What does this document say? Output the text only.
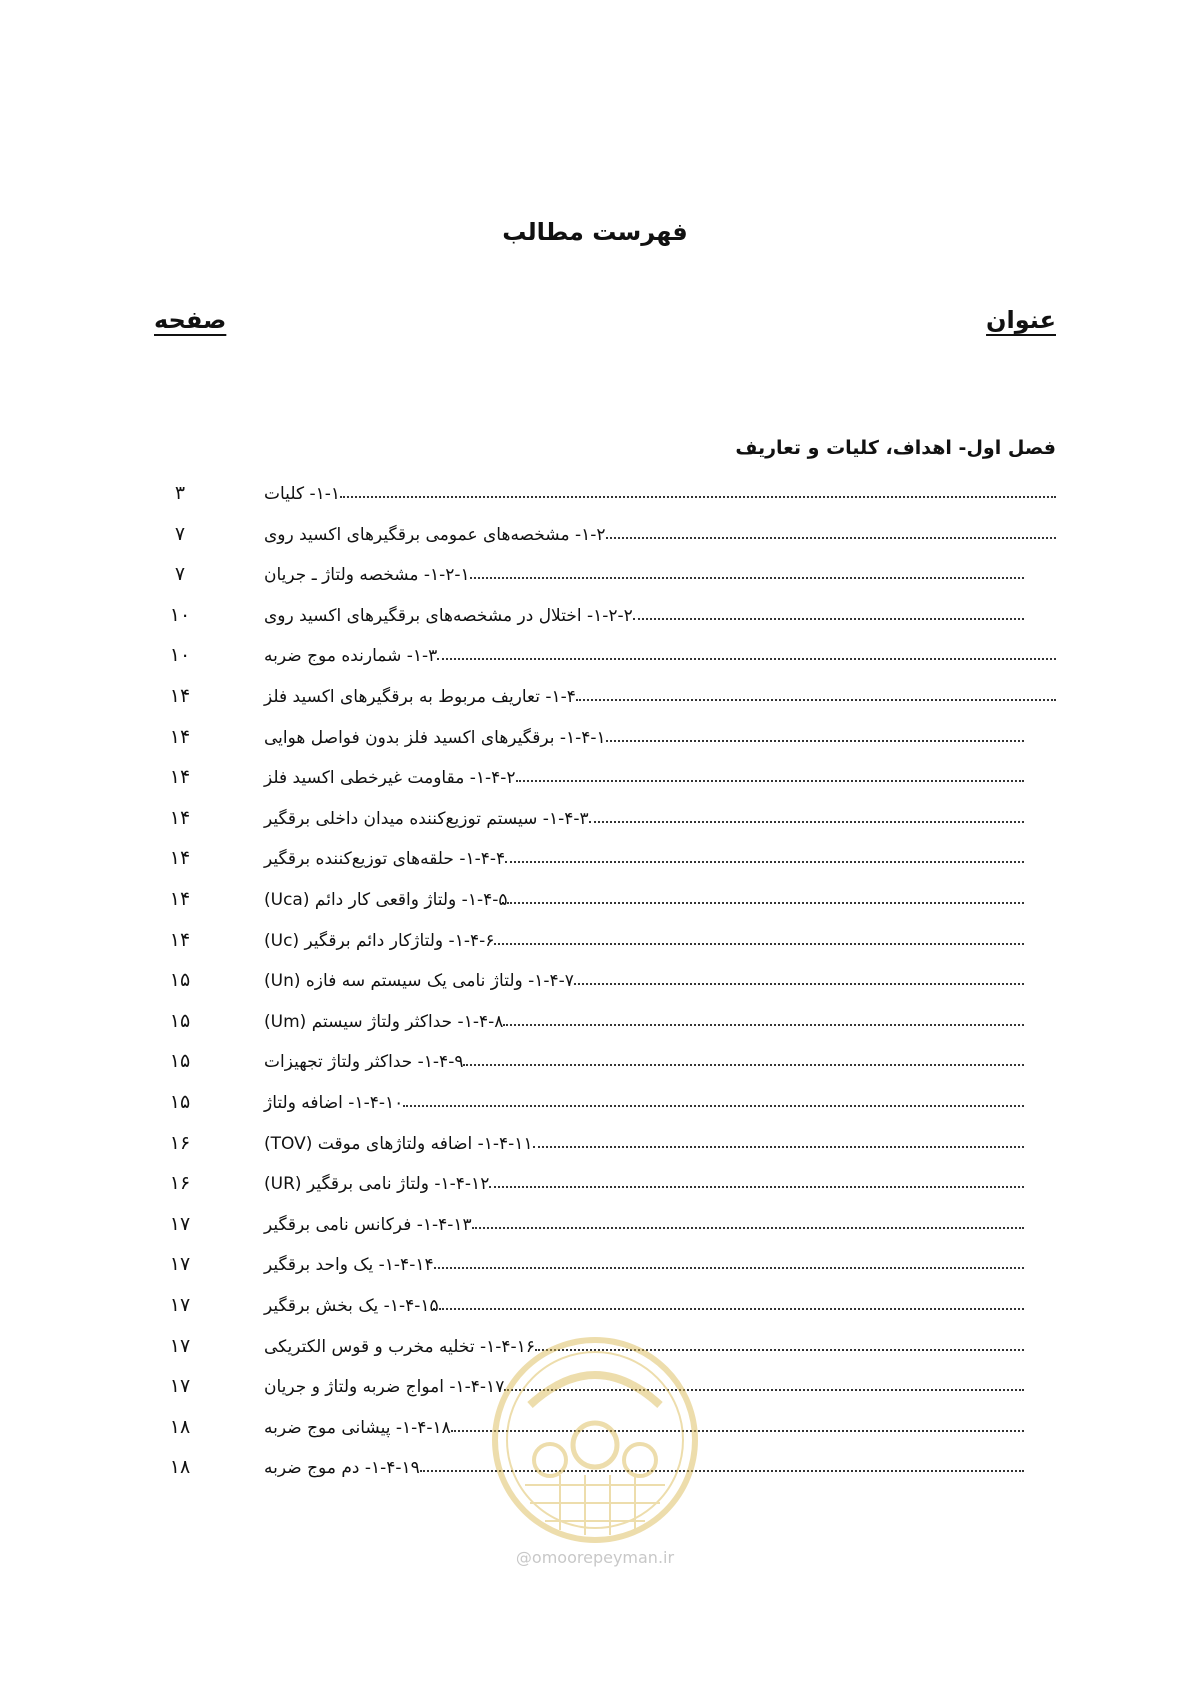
فهرست مطالب
عنوان
صفحه
فصل اول- اهداف، کلیات و تعاریف
۱-۱- کلیات
۳
۱-۲- مشخصه‌های عمومی برقگیرهای اکسید روی
۷
۱-۲-۱- مشخصه ولتاژ ـ جریان
۷
۱-۲-۲- اختلال در مشخصه‌های برقگیرهای اکسید روی
۱۰
۱-۳- شمارنده موج ضربه
۱۰
۱-۴- تعاریف مربوط به برقگیرهای اکسید فلز
۱۴
۱-۴-۱- برقگیرهای اکسید فلز بدون فواصل هوایی
۱۴
۱-۴-۲- مقاومت غیرخطی اکسید فلز
۱۴
۱-۴-۳- سیستم توزیع‌کننده میدان داخلی برقگیر
۱۴
۱-۴-۴- حلقه‌های توزیع‌کننده برقگیر
۱۴
۱-۴-۵- ولتاژ واقعی کار دائم (Uca)
۱۴
۱-۴-۶- ولتاژکار دائم برقگیر (Uc)
۱۴
۱-۴-۷- ولتاژ نامی یک سیستم سه فازه (Un)
۱۵
۱-۴-۸- حداکثر ولتاژ سیستم (Um)
۱۵
۱-۴-۹- حداکثر ولتاژ تجهیزات
۱۵
۱-۴-۱۰- اضافه ولتاژ
۱۵
۱-۴-۱۱- اضافه ولتاژهای موقت (TOV)
۱۶
۱-۴-۱۲- ولتاژ نامی برقگیر (UR)
۱۶
۱-۴-۱۳- فرکانس نامی برقگیر
۱۷
۱-۴-۱۴- یک واحد برقگیر
۱۷
۱-۴-۱۵- یک بخش برقگیر
۱۷
۱-۴-۱۶- تخلیه مخرب و قوس الکتریکی
۱۷
۱-۴-۱۷- امواج ضربه ولتاژ و جریان
۱۷
۱-۴-۱۸- پیشانی موج ضربه
۱۸
۱-۴-۱۹- دم موج ضربه
۱۸
@omoorepeyman.ir
